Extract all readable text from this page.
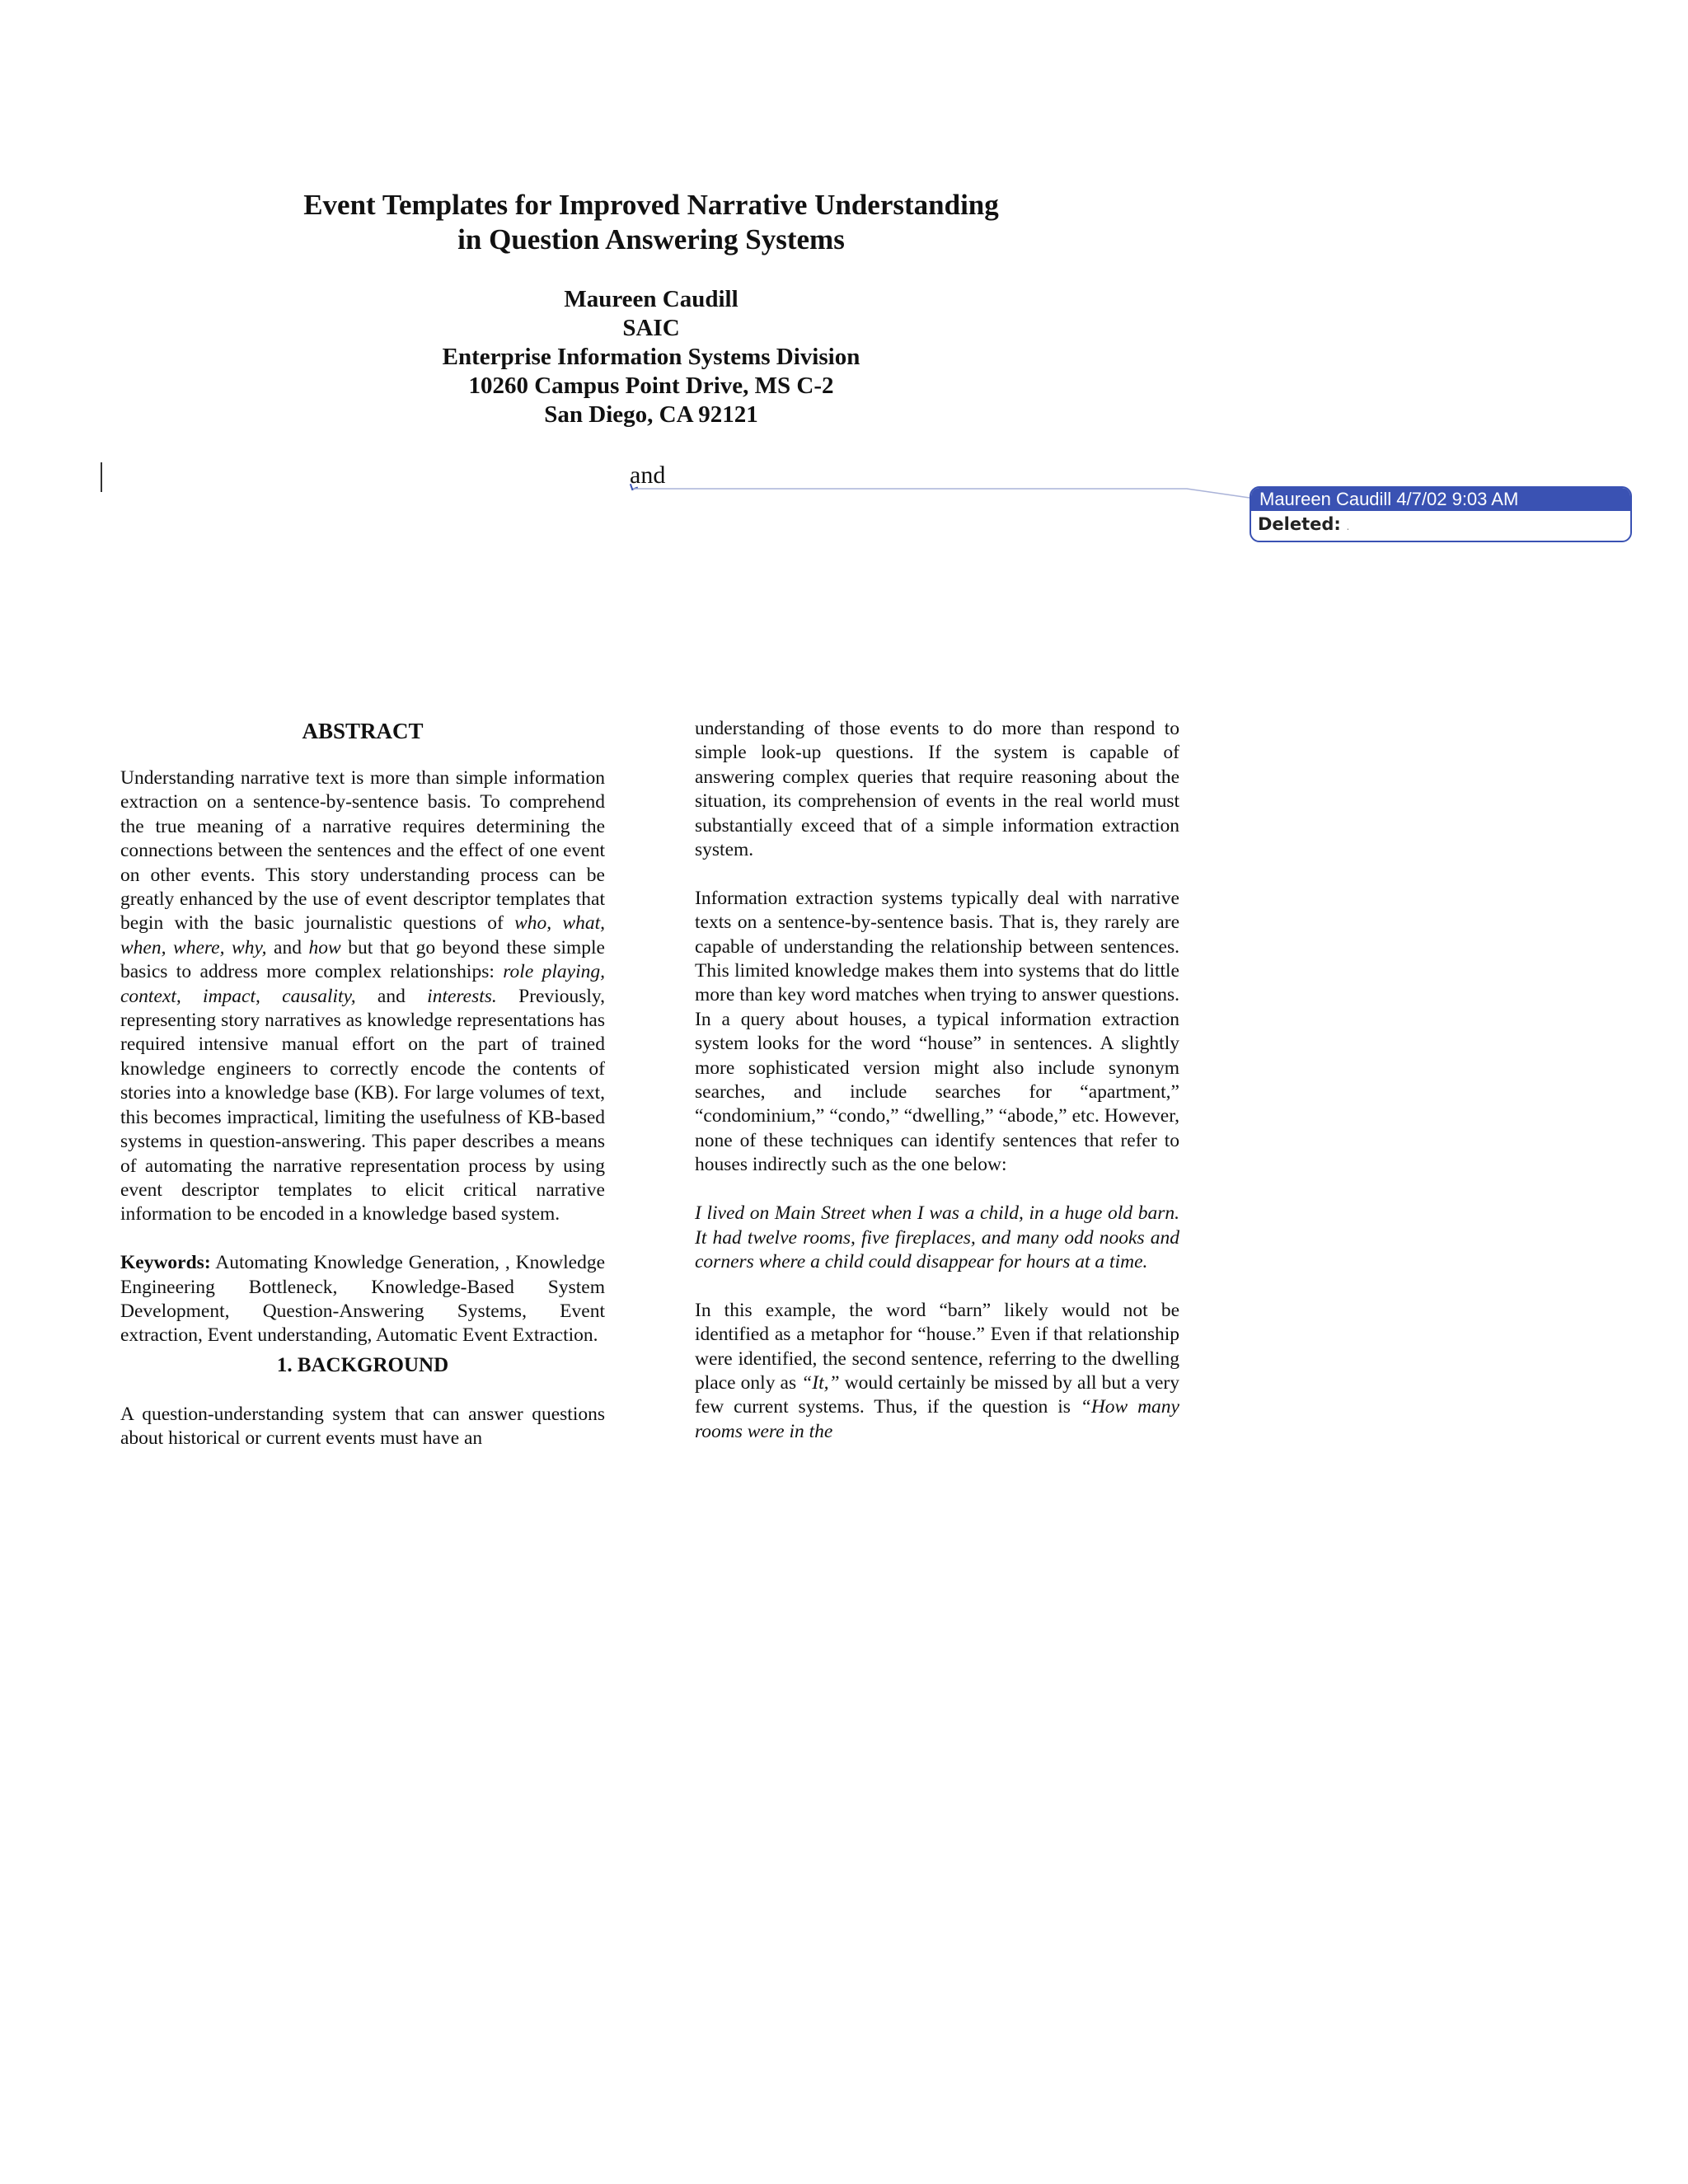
Event Templates for Improved Narrative Understanding
in Question Answering Systems
Maureen Caudill
SAIC
Enterprise Information Systems Division
10260 Campus Point Drive, MS C-2
San Diego, CA 92121
and
Maureen Caudill 4/7/02 9:03 AM
Deleted: .
ABSTRACT

Understanding narrative text is more than simple information extraction on a sentence-by-sentence basis. To comprehend the true meaning of a narrative requires determining the connections between the sentences and the effect of one event on other events. This story understanding process can be greatly enhanced by the use of event descriptor templates that begin with the basic journalistic questions of who, what, when, where, why, and how but that go beyond these simple basics to address more complex relationships: role playing, context, impact, causality, and interests. Previously, representing story narratives as knowledge representations has required intensive manual effort on the part of trained knowledge engineers to correctly encode the contents of stories into a knowledge base (KB). For large volumes of text, this becomes impractical, limiting the usefulness of KB-based systems in question-answering. This paper describes a means of automating the narrative representation process by using event descriptor templates to elicit critical narrative information to be encoded in a knowledge based system.

Keywords: Automating Knowledge Generation, , Knowledge Engineering Bottleneck, Knowledge-Based System Development, Question-Answering Systems, Event extraction, Event understanding, Automatic Event Extraction.

1. BACKGROUND

A question-understanding system that can answer questions about historical or current events must have an

understanding of those events to do more than respond to simple look-up questions. If the system is capable of answering complex queries that require reasoning about the situation, its comprehension of events in the real world must substantially exceed that of a simple information extraction system.

Information extraction systems typically deal with narrative texts on a sentence-by-sentence basis. That is, they rarely are capable of understanding the relationship between sentences. This limited knowledge makes them into systems that do little more than key word matches when trying to answer questions. In a query about houses, a typical information extraction system looks for the word “house” in sentences. A slightly more sophisticated version might also include synonym searches, and include searches for “apartment,” “condominium,” “condo,” “dwelling,” “abode,” etc. However, none of these techniques can identify sentences that refer to houses indirectly such as the one below:

I lived on Main Street when I was a child, in a huge old barn. It had twelve rooms, five fireplaces, and many odd nooks and corners where a child could disappear for hours at a time.

In this example, the word “barn” likely would not be identified as a metaphor for “house.” Even if that relationship were identified, the second sentence, referring to the dwelling place only as “It,” would certainly be missed by all but a very few current systems. Thus, if the question is “How many rooms were in the
